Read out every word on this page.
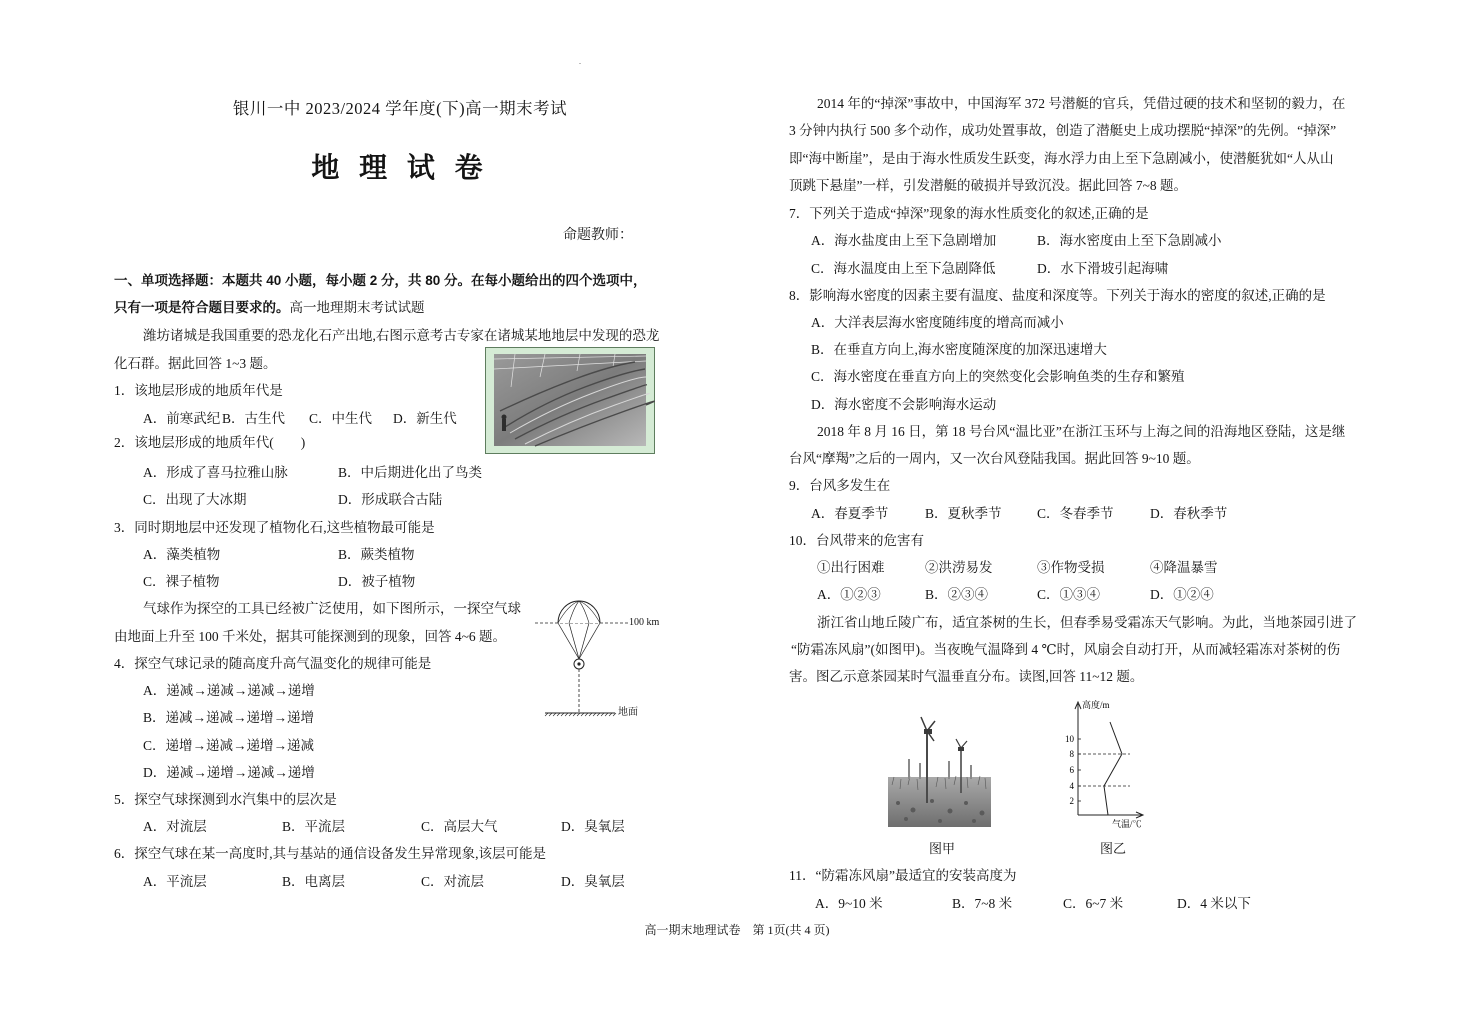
.
银川一中 2023/2024 学年度(下)高一期末考试
地 理 试 卷
命题教师：
一、单项选择题：本题共 40 小题，每小题 2 分，共 80 分。在每小题给出的四个选项中，
只有一项是符合题目要求的。高一地理期末考试试题
潍坊诸城是我国重要的恐龙化石产出地,右图示意考古专家在诸城某地地层中发现的恐龙
化石群。据此回答 1~3 题。
1．该地层形成的地质年代是
A．前寒武纪 B．古生代 C．中生代 D．新生代
2．该地层形成的地质年代(　　)
A．形成了喜马拉雅山脉	B．中后期进化出了鸟类
C．出现了大冰期	D．形成联合古陆
3．同时期地层中还发现了植物化石,这些植物最可能是
A．藻类植物	B．蕨类植物
C．裸子植物	D．被子植物
气球作为探空的工具已经被广泛使用，如下图所示，一探空气球
由地面上升至 100 千米处，据其可能探测到的现象，回答 4~6 题。
100 km
地面
4．探空气球记录的随高度升高气温变化的规律可能是
A．递减→递减→递减→递增
B．递减→递减→递增→递增
C．递增→递减→递增→递减
D．递减→递增→递减→递增
5．探空气球探测到水汽集中的层次是
A．对流层	B．平流层	C．高层大气	D．臭氧层
6．探空气球在某一高度时,其与基站的通信设备发生异常现象,该层可能是
A．平流层	B．电离层	C．对流层	D．臭氧层
2014 年的“掉深”事故中，中国海军 372 号潜艇的官兵，凭借过硬的技术和坚韧的毅力，在
3 分钟内执行 500 多个动作，成功处置事故，创造了潜艇史上成功摆脱“掉深”的先例。“掉深”
即“海中断崖”，是由于海水性质发生跃变，海水浮力由上至下急剧减小，使潜艇犹如“人从山
顶跳下悬崖”一样，引发潜艇的破损并导致沉没。据此回答 7~8 题。
7．下列关于造成“掉深”现象的海水性质变化的叙述,正确的是
A．海水盐度由上至下急剧增加	B．海水密度由上至下急剧减小
C．海水温度由上至下急剧降低	D．水下滑坡引起海啸
8．影响海水密度的因素主要有温度、盐度和深度等。下列关于海水的密度的叙述,正确的是
A．大洋表层海水密度随纬度的增高而减小
B．在垂直方向上,海水密度随深度的加深迅速增大
C．海水密度在垂直方向上的突然变化会影响鱼类的生存和繁殖
D．海水密度不会影响海水运动
2018 年 8 月 16 日，第 18 号台风“温比亚”在浙江玉环与上海之间的沿海地区登陆，这是继
台风“摩羯”之后的一周内，又一次台风登陆我国。据此回答 9~10 题。
9．台风多发生在
A．春夏季节	B．夏秋季节	C．冬春季节	D．春秋季节
10．台风带来的危害有
①出行困难	②洪涝易发	③作物受损	④降温暴雪
A．①②③	B．②③④	C．①③④	D．①②④
浙江省山地丘陵广布，适宜茶树的生长，但春季易受霜冻天气影响。为此，当地茶园引进了
“防霜冻风扇”(如图甲)。当夜晚气温降到 4 ℃时，风扇会自动打开，从而减轻霜冻对茶树的伤
害。图乙示意茶园某时气温垂直分布。读图,回答 11~12 题。
图甲
高度/m
10
8
6
4
2
气温/℃
图乙
11．“防霜冻风扇”最适宜的安装高度为
A．9~10 米	B．7~8 米	C．6~7 米	D．4 米以下
高一期末地理试卷　第 1页(共 4 页)
